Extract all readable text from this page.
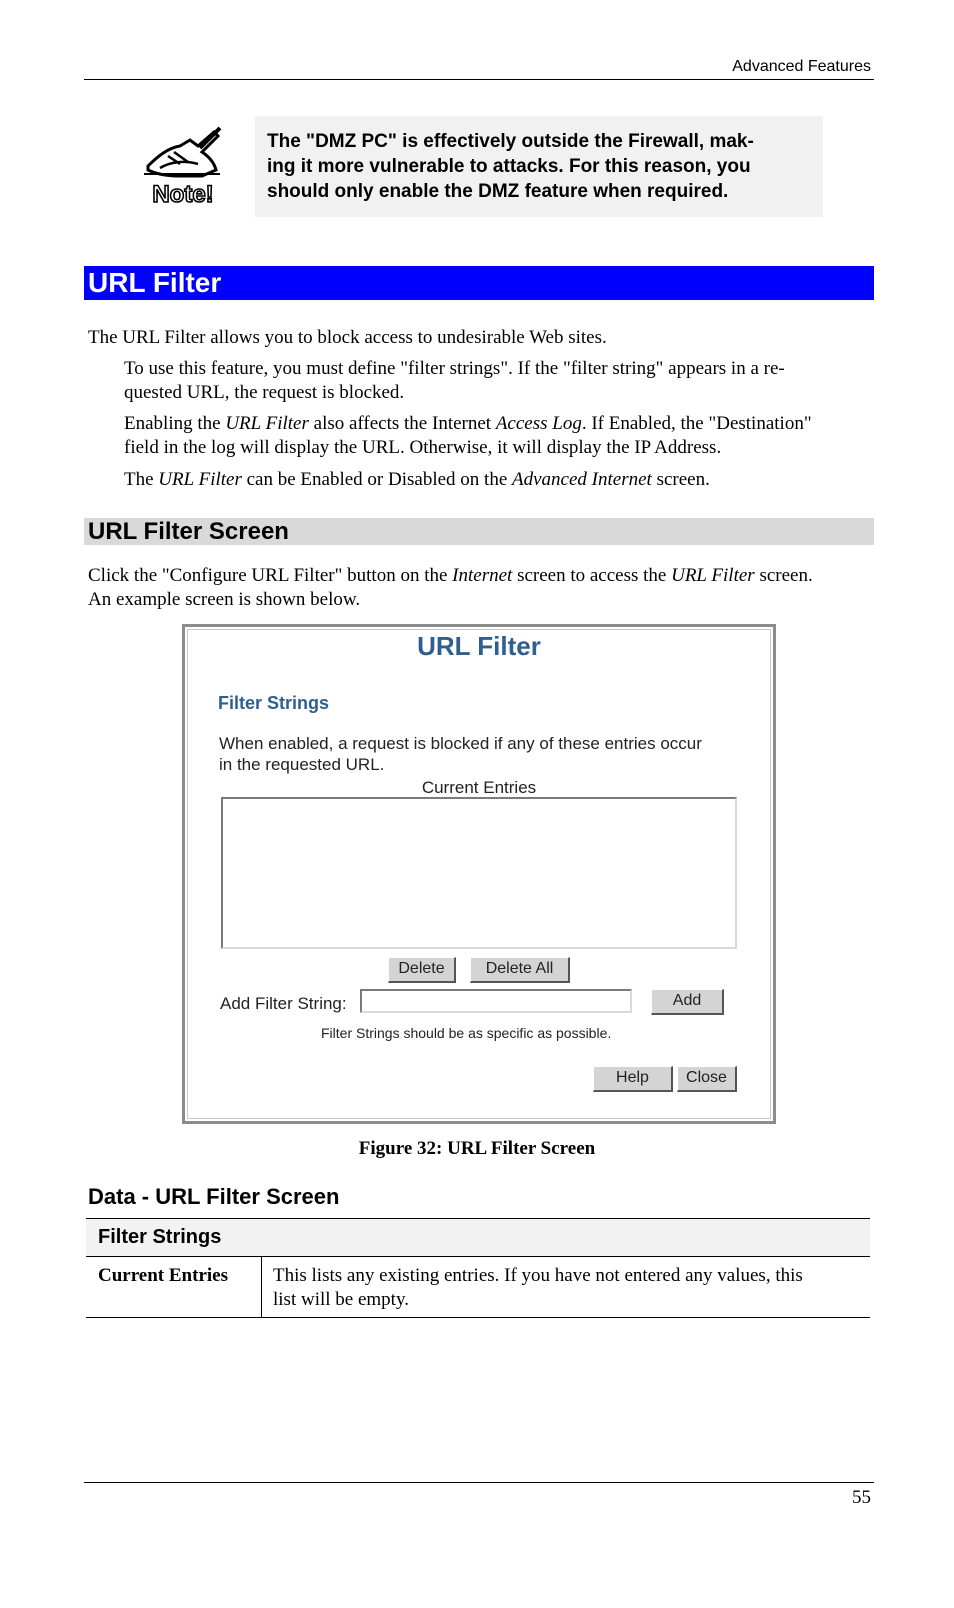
Advanced Features
Note!
The "DMZ PC" is effectively outside the Firewall, mak-
ing it more vulnerable to attacks. For this reason, you
should only enable the DMZ feature when required.
URL Filter
The URL Filter allows you to block access to undesirable Web sites.
To use this feature, you must define "filter strings". If the "filter string" appears in a re-
quested URL, the request is blocked.
Enabling the URL Filter also affects the Internet Access Log. If Enabled, the "Destination"
field in the log will display the URL. Otherwise, it will display the IP Address.
The URL Filter can be Enabled or Disabled on the Advanced Internet screen.
URL Filter Screen
Click the "Configure URL Filter" button on the Internet screen to access the URL Filter screen.
An example screen is shown below.
URL Filter
Filter Strings
When enabled, a request is blocked if any of these entries occur
in the requested URL.
Current Entries
Delete	Delete All
Add Filter String:	Add
Filter Strings should be as specific as possible.
Help	Close
Figure 32: URL Filter Screen
Data - URL Filter Screen
Filter Strings
Current Entries This lists any existing entries. If you have not entered any values, this
list will be empty.
55
